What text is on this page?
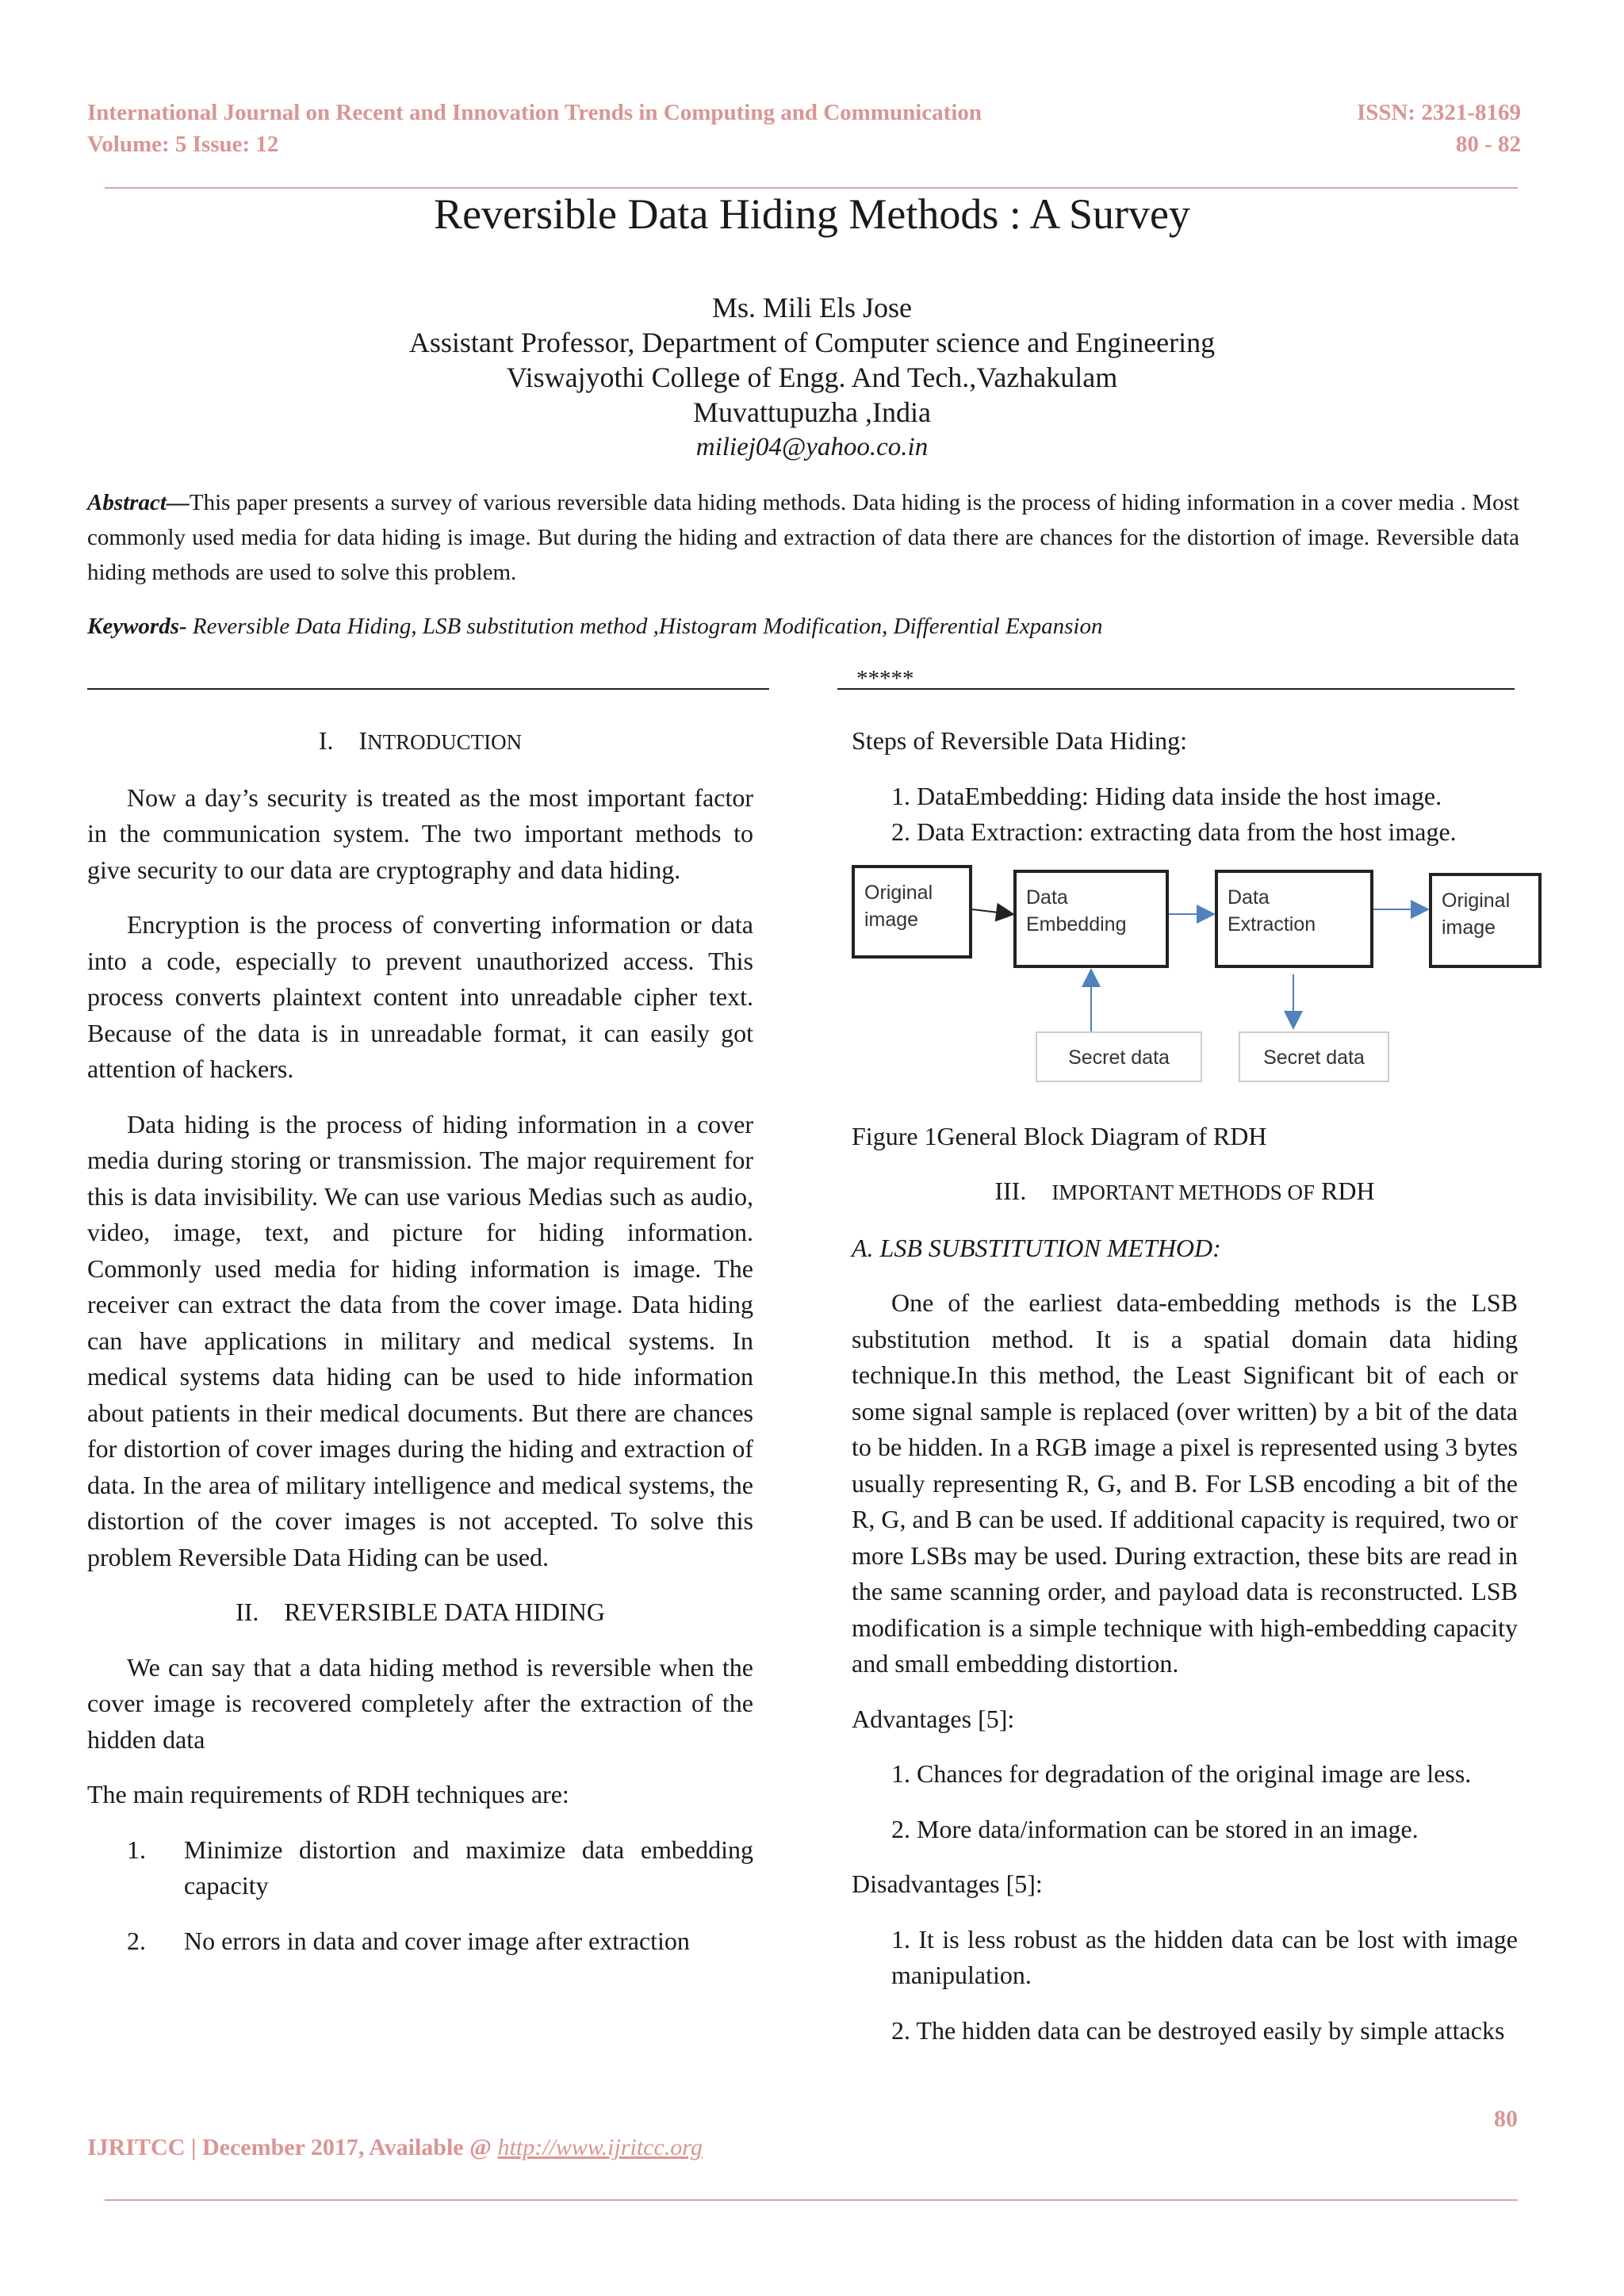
International Journal on Recent and Innovation Trends in Computing and Communication
Volume: 5 Issue: 12
ISSN: 2321-8169
80 - 82
Reversible Data Hiding Methods : A Survey
Ms. Mili Els Jose
Assistant Professor, Department of Computer science and Engineering
Viswajyothi College of Engg. And Tech.,Vazhakulam
Muvattupuzha ,India
miliej04@yahoo.co.in
Abstract—This paper presents a survey of various reversible data hiding methods. Data hiding is the process of hiding information in a cover media . Most commonly used media for data hiding is image. But during the hiding and extraction of data there are chances for the distortion of image. Reversible data hiding methods are used to solve this problem.
Keywords- Reversible Data Hiding, LSB substitution method ,Histogram Modification, Differential Expansion
*****
I. INTRODUCTION

Now a day’s security is treated as the most important factor in the communication system. The two important methods to give security to our data are cryptography and data hiding.

Encryption is the process of converting information or data into a code, especially to prevent unauthorized access. This process converts plaintext content into unreadable cipher text. Because of the data is in unreadable format, it can easily got attention of hackers.

Data hiding is the process of hiding information in a cover media during storing or transmission. The major requirement for this is data invisibility. We can use various Medias such as audio, video, image, text, and picture for hiding information. Commonly used media for hiding information is image. The receiver can extract the data from the cover image. Data hiding can have applications in military and medical systems. In medical systems data hiding can be used to hide information about patients in their medical documents. But there are chances for distortion of cover images during the hiding and extraction of data. In the area of military intelligence and medical systems, the distortion of the cover images is not accepted. To solve this problem Reversible Data Hiding can be used.

II. REVERSIBLE DATA HIDING

We can say that a data hiding method is reversible when the cover image is recovered completely after the extraction of the hidden data

The main requirements of RDH techniques are:

1.	Minimize distortion and maximize data embedding capacity
2.	No errors in data and cover image after extraction

Steps of Reversible Data Hiding:

1. DataEmbedding: Hiding data inside the host image.
2. Data Extraction: extracting data from the host image.
Original image
Data Embedding
Data Extraction
Original image
Secret data	Secret data

Figure 1General Block Diagram of RDH

III. IMPORTANT METHODS OF RDH
A. LSB SUBSTITUTION METHOD:

One of the earliest data-embedding methods is the LSB substitution method. It is a spatial domain data hiding technique.In this method, the Least Significant bit of each or some signal sample is replaced (over written) by a bit of the data to be hidden. In a RGB image a pixel is represented using 3 bytes usually representing R, G, and B. For LSB encoding a bit of the R, G, and B can be used. If additional capacity is required, two or more LSBs may be used. During extraction, these bits are read in the same scanning order, and payload data is reconstructed. LSB modification is a simple technique with high-embedding capacity and small embedding distortion.

Advantages [5]:

1. Chances for degradation of the original image are less.
2. More data/information can be stored in an image.

Disadvantages [5]:

1. It is less robust as the hidden data can be lost with image manipulation.
2. The hidden data can be destroyed easily by simple attacks
80
IJRITCC | December 2017, Available @ http://www.ijritcc.org
